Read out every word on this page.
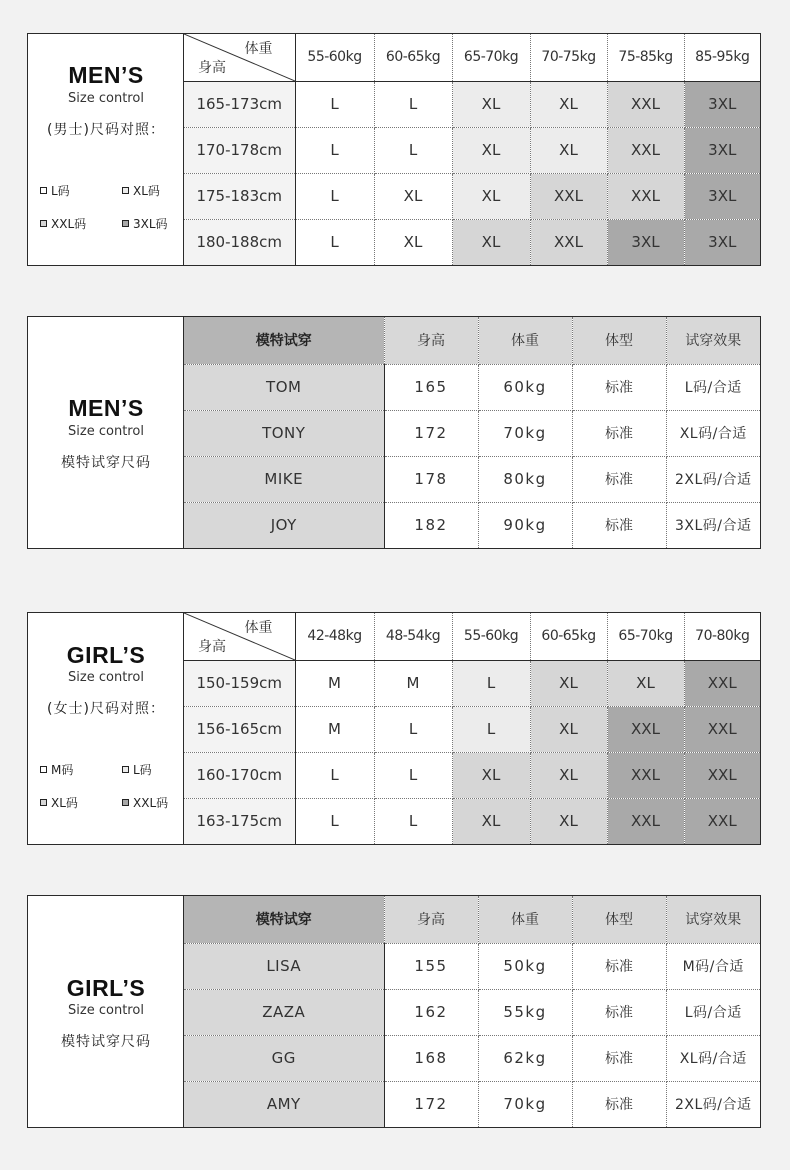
MEN’S
Size control
(男士)尺码对照：
L码	XL码
XXL码	3XL码
体重
身高	55-60kg	60-65kg	65-70kg	70-75kg	75-85kg	85-95kg
165-173cm	L	L	XL	XL	XXL	3XL
170-178cm	L	L	XL	XL	XXL	3XL
175-183cm	L	XL	XL	XXL	XXL	3XL
180-188cm	L	XL	XL	XXL	3XL	3XL
MEN’S
Size control
模特试穿尺码
模特试穿	身高	体重	体型	试穿效果
TOM	165	60kg	标准	L码/合适
TONY	172	70kg	标准	XL码/合适
MIKE	178	80kg	标准	2XL码/合适
JOY	182	90kg	标准	3XL码/合适
GIRL’S
Size control
(女士)尺码对照：
M码	L码
XL码	XXL码
体重
身高	42-48kg	48-54kg	55-60kg	60-65kg	65-70kg	70-80kg
150-159cm	M	M	L	XL	XL	XXL
156-165cm	M	L	L	XL	XXL	XXL
160-170cm	L	L	XL	XL	XXL	XXL
163-175cm	L	L	XL	XL	XXL	XXL
GIRL’S
Size control
模特试穿尺码
模特试穿	身高	体重	体型	试穿效果
LISA	155	50kg	标准	M码/合适
ZAZA	162	55kg	标准	L码/合适
GG	168	62kg	标准	XL码/合适
AMY	172	70kg	标准	2XL码/合适
